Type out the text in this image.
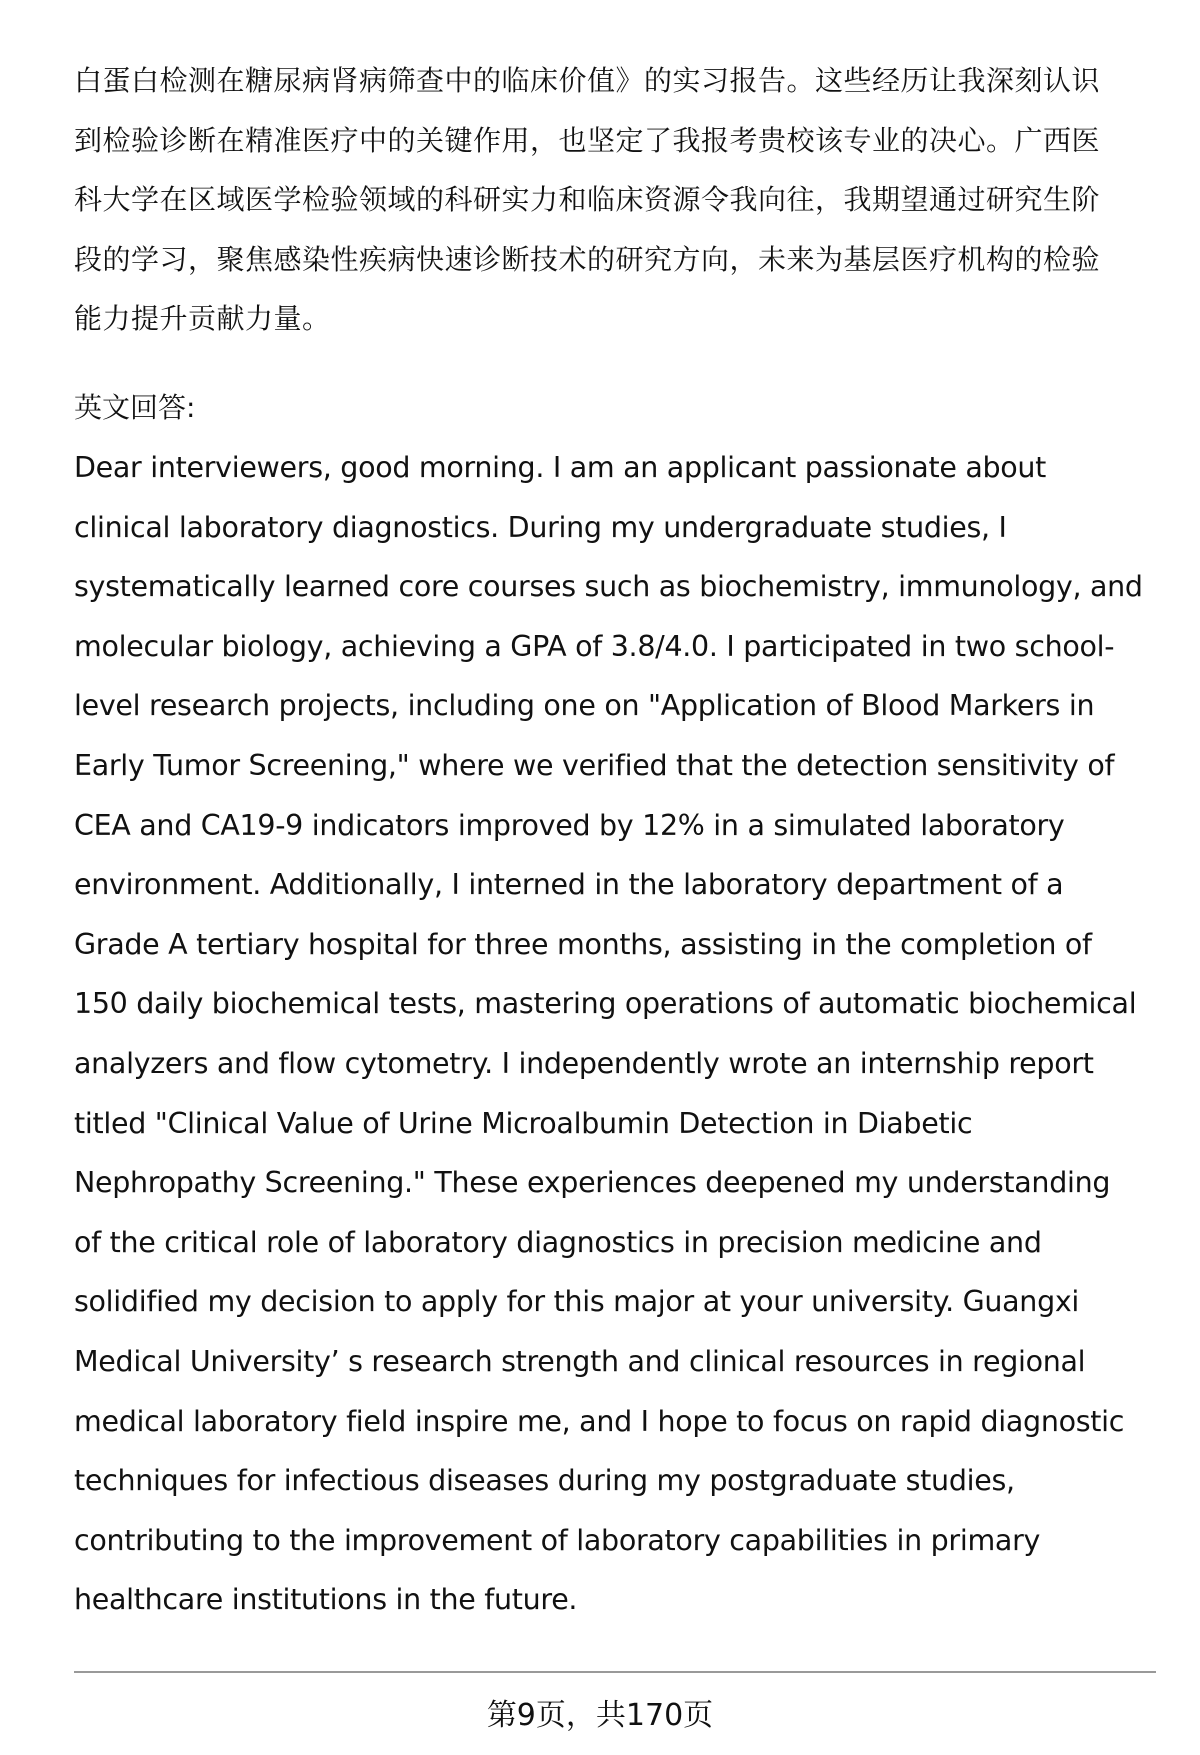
白蛋白检测在糖尿病肾病筛查中的临床价值》的实习报告。这些经历让我深刻认识
到检验诊断在精准医疗中的关键作用，也坚定了我报考贵校该专业的决心。广西医
科大学在区域医学检验领域的科研实力和临床资源令我向往，我期望通过研究生阶
段的学习，聚焦感染性疾病快速诊断技术的研究方向，未来为基层医疗机构的检验
能力提升贡献力量。
英文回答:
Dear interviewers, good morning. I am an applicant passionate about
clinical laboratory diagnostics. During my undergraduate studies, I
systematically learned core courses such as biochemistry, immunology, and
molecular biology, achieving a GPA of 3.8/4.0. I participated in two school-
level research projects, including one on "Application of Blood Markers in
Early Tumor Screening," where we verified that the detection sensitivity of
CEA and CA19-9 indicators improved by 12% in a simulated laboratory
environment. Additionally, I interned in the laboratory department of a
Grade A tertiary hospital for three months, assisting in the completion of
150 daily biochemical tests, mastering operations of automatic biochemical
analyzers and flow cytometry. I independently wrote an internship report
titled "Clinical Value of Urine Microalbumin Detection in Diabetic
Nephropathy Screening." These experiences deepened my understanding
of the critical role of laboratory diagnostics in precision medicine and
solidified my decision to apply for this major at your university. Guangxi
Medical University’ s research strength and clinical resources in regional
medical laboratory field inspire me, and I hope to focus on rapid diagnostic
techniques for infectious diseases during my postgraduate studies,
contributing to the improvement of laboratory capabilities in primary
healthcare institutions in the future.
第9页，共170页
